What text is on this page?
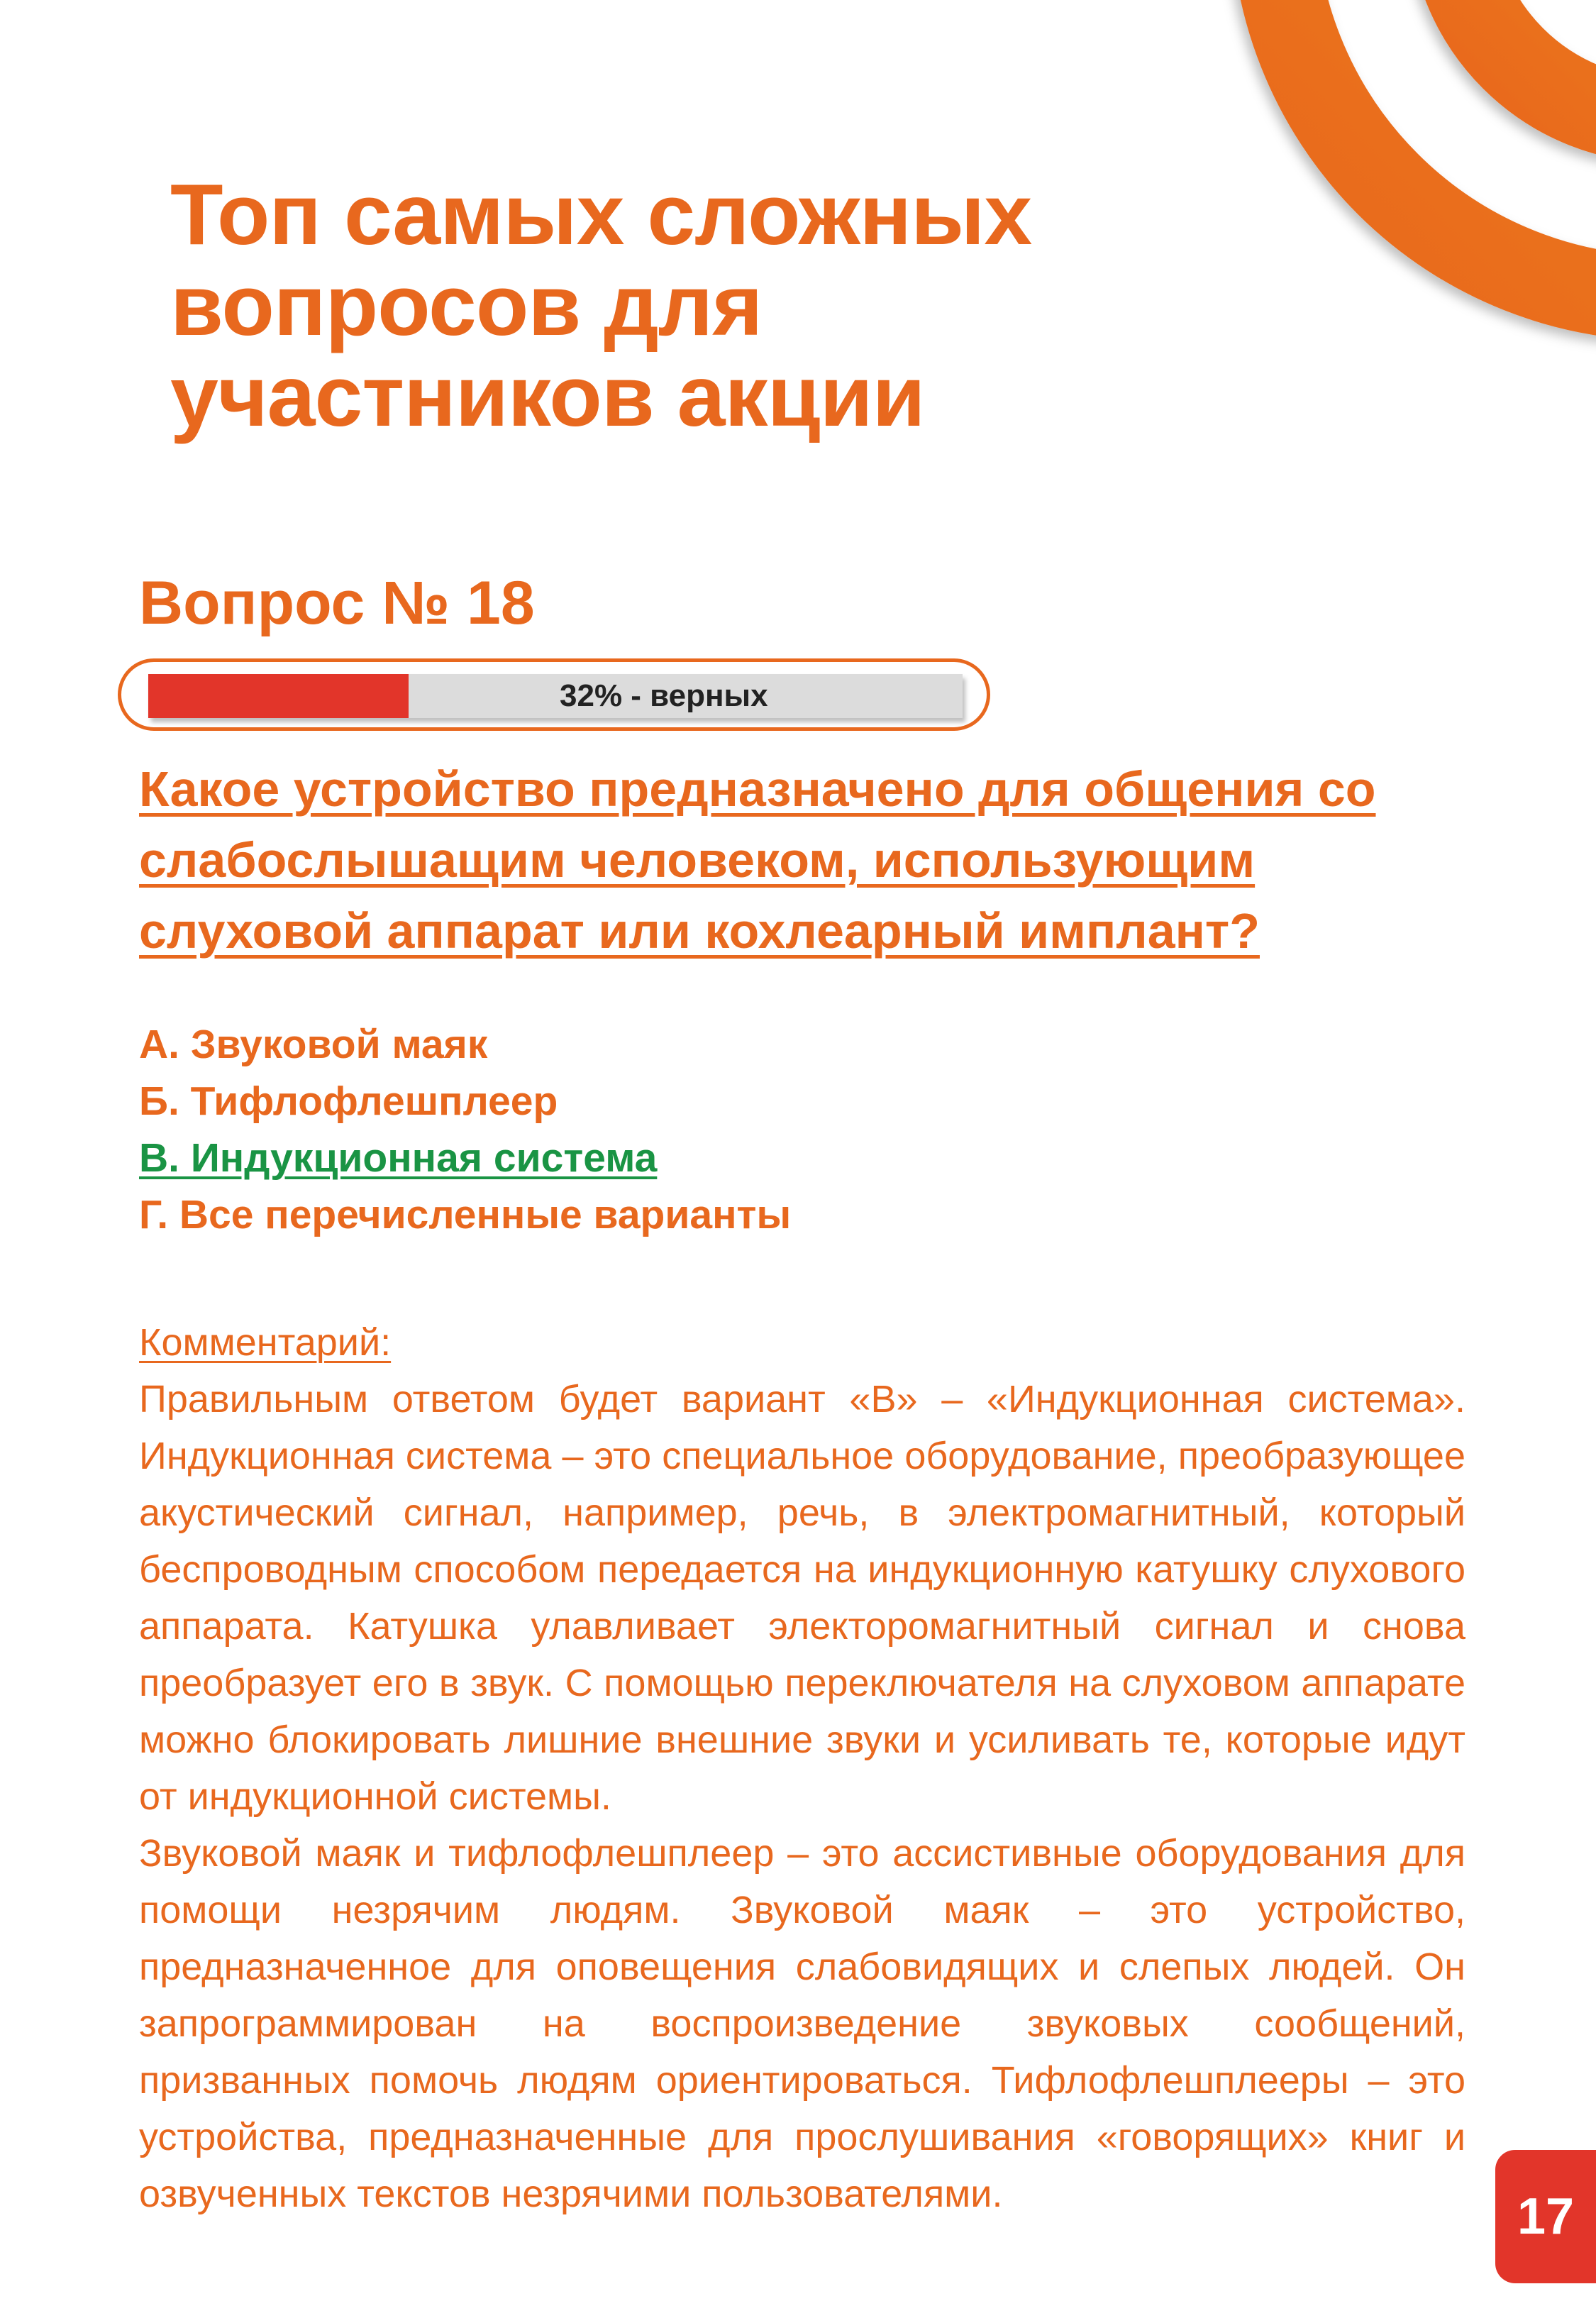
Топ самых сложных
вопросов для
участников акции
Вопрос № 18
32% - верных
Какое устройство предназначено для общения со
слабослышащим человеком, использующим
слуховой аппарат или кохлеарный имплант?
А. Звуковой маяк
Б. Тифлофлешплеер
В. Индукционная система
Г. Все перечисленные варианты
Комментарий:

Правильным ответом будет вариант «В» – «Индукционная система». Индукционная система – это специальное оборудование, преобразующее акустический сигнал, например, речь, в электромагнитный, который беспроводным способом передается на индукционную катушку слухового аппарата. Катушка улавливает электоромагнитный сигнал и снова преобразует его в звук. С помощью переключателя на слуховом аппарате можно блокировать лишние внешние звуки и усиливать те, которые идут от индукционной системы.

Звуковой маяк и тифлофлешплеер – это ассистивные оборудования для помощи незрячим людям. Звуковой маяк – это устройство, предназначенное для оповещения слабовидящих и слепых людей. Он запрограммирован на воспроизведение звуковых сообщений, призванных помочь людям ориентироваться. Тифлофлешплееры – это устройства, предназначенные для прослушивания «говорящих» книг и озвученных текстов незрячими пользователями.	17
